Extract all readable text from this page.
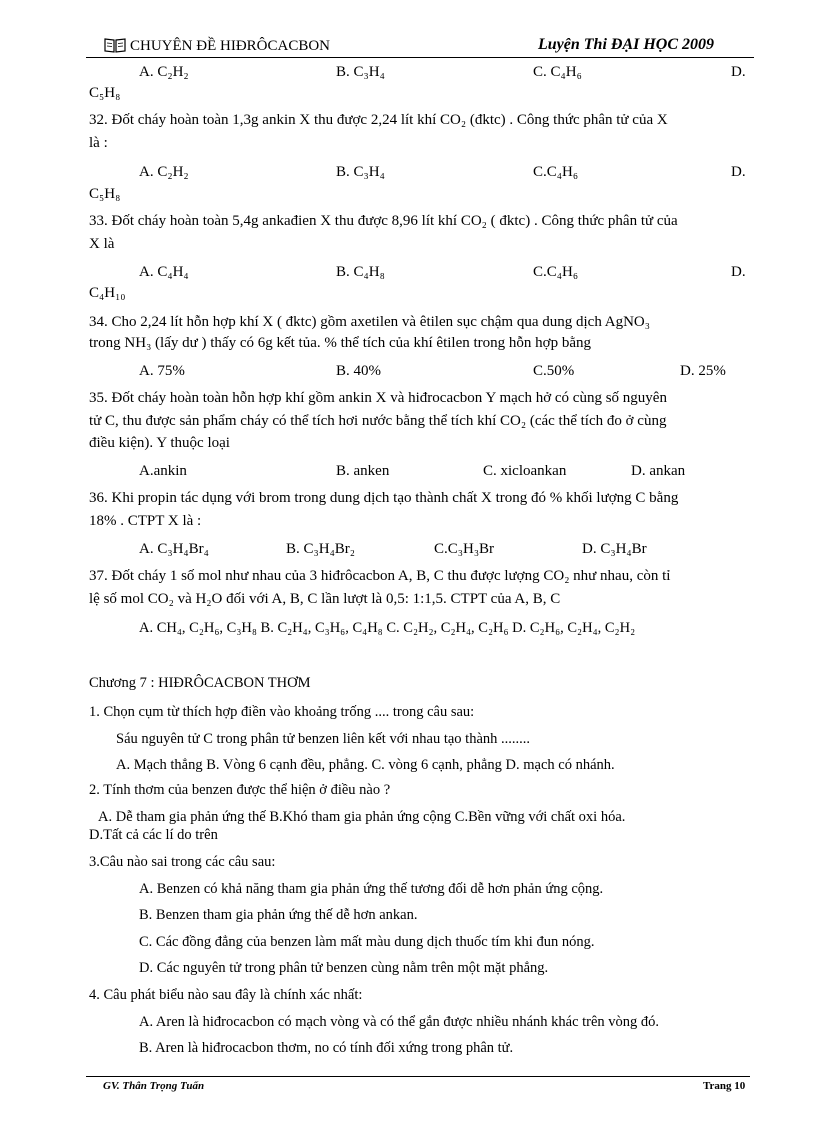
CHUYÊN ĐỀ HIĐRÔCACBON	Luyện Thi ĐẠI HỌC 2009
A. C₂H₂	B. C₃H₄	C. C₄H₆	D.
C₅H₈
32. Đốt cháy hoàn toàn 1,3g ankin X thu được 2,24 lít khí CO₂ (đktc) . Công thức phân tử của X
là :
A. C₂H₂	B. C₃H₄	C.C₄H₆	D.
C₅H₈
33. Đốt cháy hoàn toàn 5,4g ankađien X thu được 8,96 lít khí CO₂ ( đktc) . Công thức phân tử của
X là
A. C₄H₄	B. C₄H₈	C.C₄H₆	D.
C₄H₁₀
34. Cho 2,24 lít hỗn hợp khí X ( đktc) gồm axetilen và êtilen sục chậm qua dung dịch AgNO₃
trong NH₃ (lấy dư ) thấy có 6g kết tủa. % thể tích của khí êtilen trong hỗn hợp bằng
A. 75%	B. 40%	C.50%	D. 25%
35. Đốt cháy hoàn toàn hỗn hợp khí gồm ankin X và hiđrocacbon Y mạch hở có cùng số nguyên
tử C, thu được sản phẩm cháy có thể tích hơi nước bằng thể tích khí CO₂ (các thể tích đo ở cùng
điều kiện). Y thuộc loại
A.ankin	B. anken	C. xicloankan	D. ankan
36. Khi propin tác dụng với brom trong dung dịch tạo thành chất X trong đó % khối lượng C bằng
18% . CTPT X là :
A. C₃H₄Br₄	B. C₃H₄Br₂	C.C₃H₃Br	D. C₃H₄Br
37. Đốt cháy 1 số mol như nhau của 3 hiđrôcacbon A, B, C thu được lượng CO₂ như nhau, còn tỉ
lệ số mol CO₂ và H₂O đối với A, B, C lần lượt là 0,5: 1:1,5. CTPT của A, B, C
A. CH₄, C₂H₆, C₃H₈ B. C₂H₄, C₃H₆, C₄H₈ C. C₂H₂, C₂H₄, C₂H₆ D. C₂H₆, C₂H₄, C₂H₂
Chương 7 : HIĐRÔCACBON THƠM
1. Chọn cụm từ thích hợp điền vào khoảng trống .... trong câu sau:
Sáu nguyên tử C trong phân tử benzen liên kết với nhau tạo thành ........
A. Mạch thẳng B. Vòng 6 cạnh đều, phẳng. C. vòng 6 cạnh, phẳng D. mạch có nhánh.
2. Tính thơm của benzen được thể hiện ở điều nào ?
A. Dễ tham gia phản ứng thế B.Khó tham gia phản ứng cộng C.Bền vững với chất oxi hóa.
D.Tất cả các lí do trên
3.Câu nào sai trong các câu sau:
A. Benzen có khả năng tham gia phản ứng thế tương đối dễ hơn phản ứng cộng.
B. Benzen tham gia phản ứng thế dễ hơn ankan.
C. Các đồng đẳng của benzen làm mất màu dung dịch thuốc tím khi đun nóng.
D. Các nguyên tử trong phân tử benzen cùng nằm trên một mặt phẳng.
4. Câu phát biểu nào sau đây là chính xác nhất:
A. Aren là hiđrocacbon có mạch vòng và có thể gắn được nhiều nhánh khác trên vòng đó.
B. Aren là hiđrocacbon thơm, no có tính đối xứng trong phân tử.
GV. Thân Trọng Tuấn	Trang 10
